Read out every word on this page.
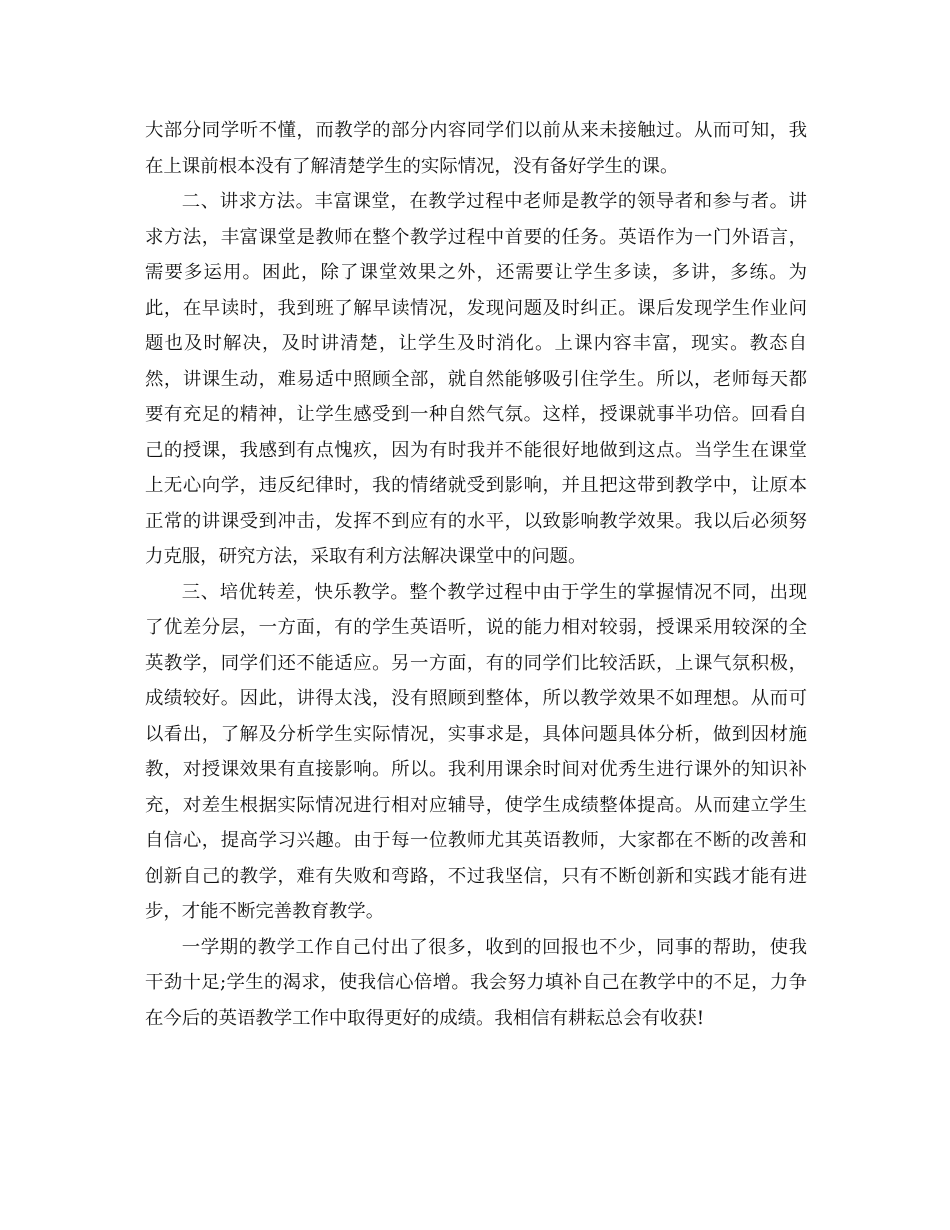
大部分同学听不懂，而教学的部分内容同学们以前从来未接触过。从而可知，我在上课前根本没有了解清楚学生的实际情况，没有备好学生的课。

二、讲求方法。丰富课堂，在教学过程中老师是教学的领导者和参与者。讲求方法，丰富课堂是教师在整个教学过程中首要的任务。英语作为一门外语言，需要多运用。困此，除了课堂效果之外，还需要让学生多读，多讲，多练。为此，在早读时，我到班了解早读情况，发现问题及时纠正。课后发现学生作业问题也及时解决，及时讲清楚，让学生及时消化。上课内容丰富，现实。教态自然，讲课生动，难易适中照顾全部，就自然能够吸引住学生。所以，老师每天都要有充足的精神，让学生感受到一种自然气氛。这样，授课就事半功倍。回看自己的授课，我感到有点愧疚，因为有时我并不能很好地做到这点。当学生在课堂上无心向学，违反纪律时，我的情绪就受到影响，并且把这带到教学中，让原本正常的讲课受到冲击，发挥不到应有的水平，以致影响教学效果。我以后必须努力克服，研究方法，采取有利方法解决课堂中的问题。

三、培优转差，快乐教学。整个教学过程中由于学生的掌握情况不同，出现了优差分层，一方面，有的学生英语听，说的能力相对较弱，授课采用较深的全英教学，同学们还不能适应。另一方面，有的同学们比较活跃，上课气氛积极，成绩较好。因此，讲得太浅，没有照顾到整体，所以教学效果不如理想。从而可以看出，了解及分析学生实际情况，实事求是，具体问题具体分析，做到因材施教，对授课效果有直接影响。所以。我利用课余时间对优秀生进行课外的知识补充，对差生根据实际情况进行相对应辅导，使学生成绩整体提高。从而建立学生自信心，提高学习兴趣。由于每一位教师尤其英语教师，大家都在不断的改善和创新自己的教学，难有失败和弯路，不过我坚信，只有不断创新和实践才能有进步，才能不断完善教育教学。

一学期的教学工作自己付出了很多，收到的回报也不少，同事的帮助，使我干劲十足;学生的渴求，使我信心倍增。我会努力填补自己在教学中的不足，力争在今后的英语教学工作中取得更好的成绩。我相信有耕耘总会有收获!
